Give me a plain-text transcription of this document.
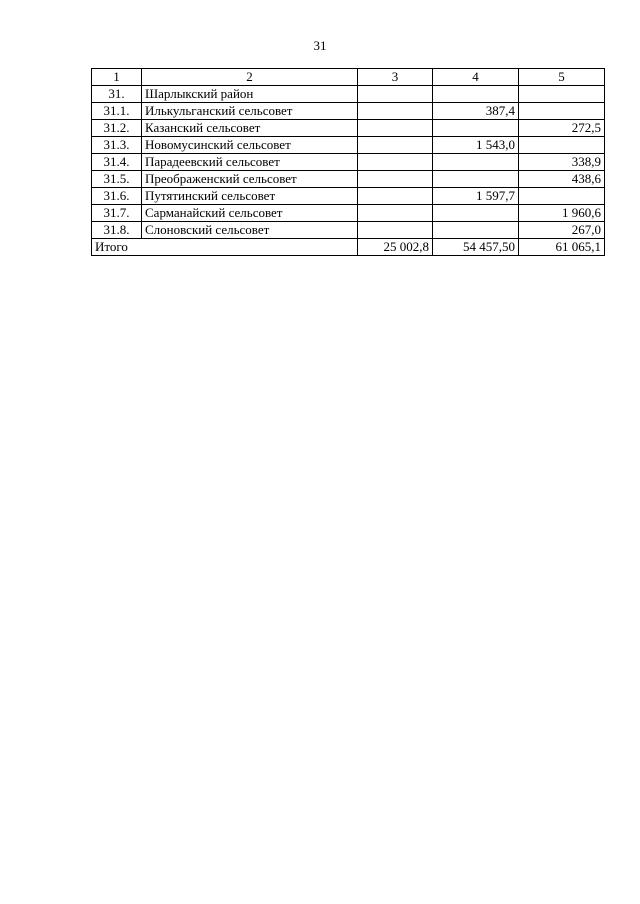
31
1	2	3	4	5
31.	Шарлыкский район			
31.1.	Илькульганский сельсовет		387,4	
31.2.	Казанский сельсовет			272,5
31.3.	Новомусинский сельсовет		1 543,0	
31.4.	Парадеевский сельсовет			338,9
31.5.	Преображенский сельсовет			438,6
31.6.	Путятинский сельсовет		1 597,7	
31.7.	Сарманайский сельсовет			1 960,6
31.8.	Слоновский сельсовет			267,0
Итого		25 002,8	54 457,50	61 065,1
